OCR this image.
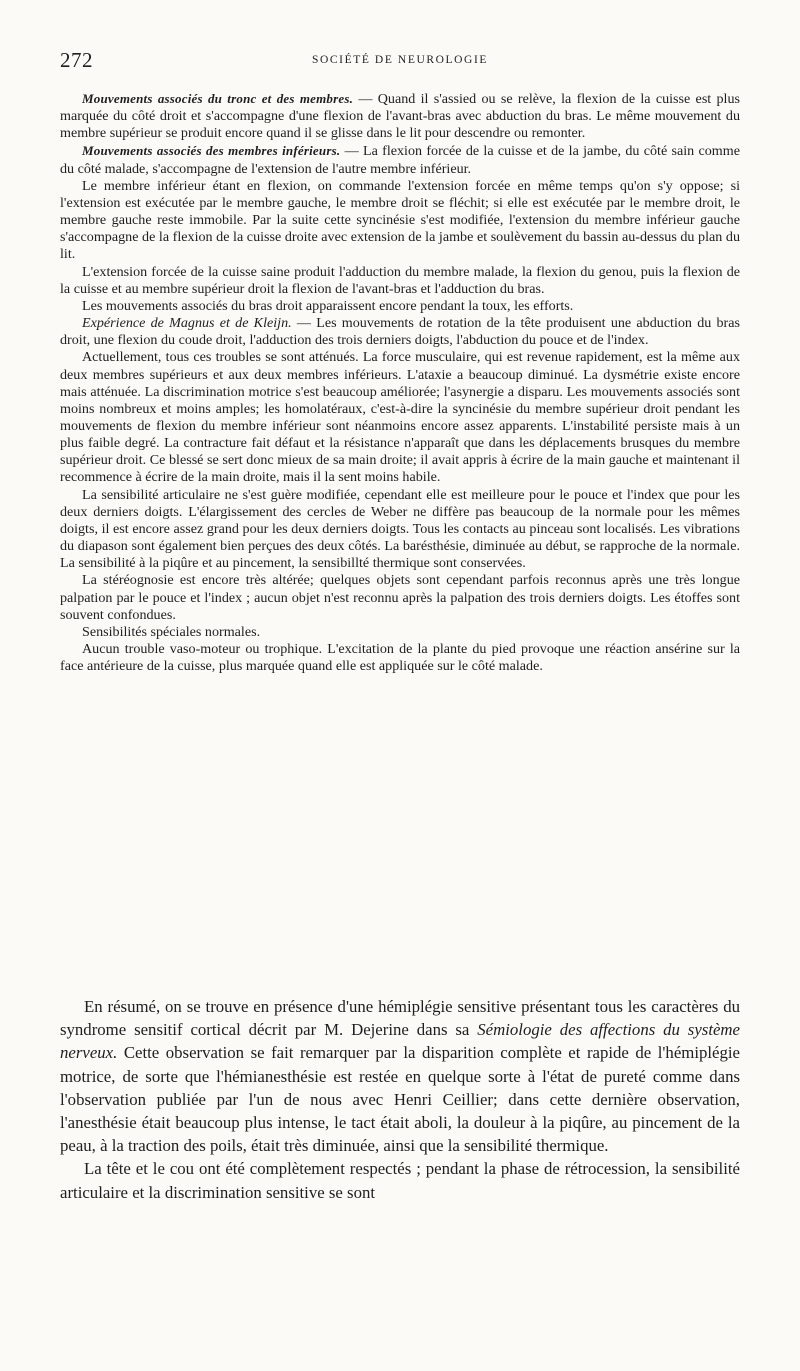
272	SOCIÉTÉ DE NEUROLOGIE

Mouvements associés du tronc et des membres. — Quand il s'assied ou se relève, la flexion de la cuisse est plus marquée du côté droit et s'accompagne d'une flexion de l'avant-bras avec abduction du bras. Le même mouvement du membre supérieur se produit encore quand il se glisse dans le lit pour descendre ou remonter.

Mouvements associés des membres inférieurs. — La flexion forcée de la cuisse et de la jambe, du côté sain comme du côté malade, s'accompagne de l'extension de l'autre membre inférieur.

Le membre inférieur étant en flexion, on commande l'extension forcée en même temps qu'on s'y oppose; si l'extension est exécutée par le membre gauche, le membre droit se fléchit; si elle est exécutée par le membre droit, le membre gauche reste immobile. Par la suite cette syncinésie s'est modifiée, l'extension du membre inférieur gauche s'accompagne de la flexion de la cuisse droite avec extension de la jambe et soulèvement du bassin au-dessus du plan du lit.

L'extension forcée de la cuisse saine produit l'adduction du membre malade, la flexion du genou, puis la flexion de la cuisse et au membre supérieur droit la flexion de l'avant-bras et l'adduction du bras.

Les mouvements associés du bras droit apparaissent encore pendant la toux, les efforts.

Expérience de Magnus et de Kleijn. — Les mouvements de rotation de la tête produisent une abduction du bras droit, une flexion du coude droit, l'adduction des trois derniers doigts, l'abduction du pouce et de l'index.

Actuellement, tous ces troubles se sont atténués. La force musculaire, qui est revenue rapidement, est la même aux deux membres supérieurs et aux deux membres inférieurs. L'ataxie a beaucoup diminué. La dysmétrie existe encore mais atténuée. La discrimination motrice s'est beaucoup améliorée; l'asynergie a disparu. Les mouvements associés sont moins nombreux et moins amples; les homolatéraux, c'est-à-dire la syncinésie du membre supérieur droit pendant les mouvements de flexion du membre inférieur sont néanmoins encore assez apparents. L'instabilité persiste mais à un plus faible degré. La contracture fait défaut et la résistance n'apparaît que dans les déplacements brusques du membre supérieur droit. Ce blessé se sert donc mieux de sa main droite; il avait appris à écrire de la main gauche et maintenant il recommence à écrire de la main droite, mais il la sent moins habile.

La sensibilité articulaire ne s'est guère modifiée, cependant elle est meilleure pour le pouce et l'index que pour les deux derniers doigts. L'élargissement des cercles de Weber ne diffère pas beaucoup de la normale pour les mêmes doigts, il est encore assez grand pour les deux derniers doigts. Tous les contacts au pinceau sont localisés. Les vibrations du diapason sont également bien perçues des deux côtés. La barésthésie, diminuée au début, se rapproche de la normale. La sensibilité à la piqûre et au pincement, la sensibillté thermique sont conservées.

La stéréognosie est encore très altérée; quelques objets sont cependant parfois reconnus après une très longue palpation par le pouce et l'index ; aucun objet n'est reconnu après la palpation des trois derniers doigts. Les étoffes sont souvent confondues.

Sensibilités spéciales normales.

Aucun trouble vaso-moteur ou trophique. L'excitation de la plante du pied provoque une réaction ansérine sur la face antérieure de la cuisse, plus marquée quand elle est appliquée sur le côté malade.

En résumé, on se trouve en présence d'une hémiplégie sensitive présentant tous les caractères du syndrome sensitif cortical décrit par M. Dejerine dans sa Sémiologie des affections du système nerveux. Cette observation se fait remarquer par la disparition complète et rapide de l'hémiplégie motrice, de sorte que l'hémianesthésie est restée en quelque sorte à l'état de pureté comme dans l'observation publiée par l'un de nous avec Henri Ceillier; dans cette dernière observation, l'anesthésie était beaucoup plus intense, le tact était aboli, la douleur à la piqûre, au pincement de la peau, à la traction des poils, était très diminuée, ainsi que la sensibilité thermique.

La tête et le cou ont été complètement respectés ; pendant la phase de rétrocession, la sensibilité articulaire et la discrimination sensitive se sont
